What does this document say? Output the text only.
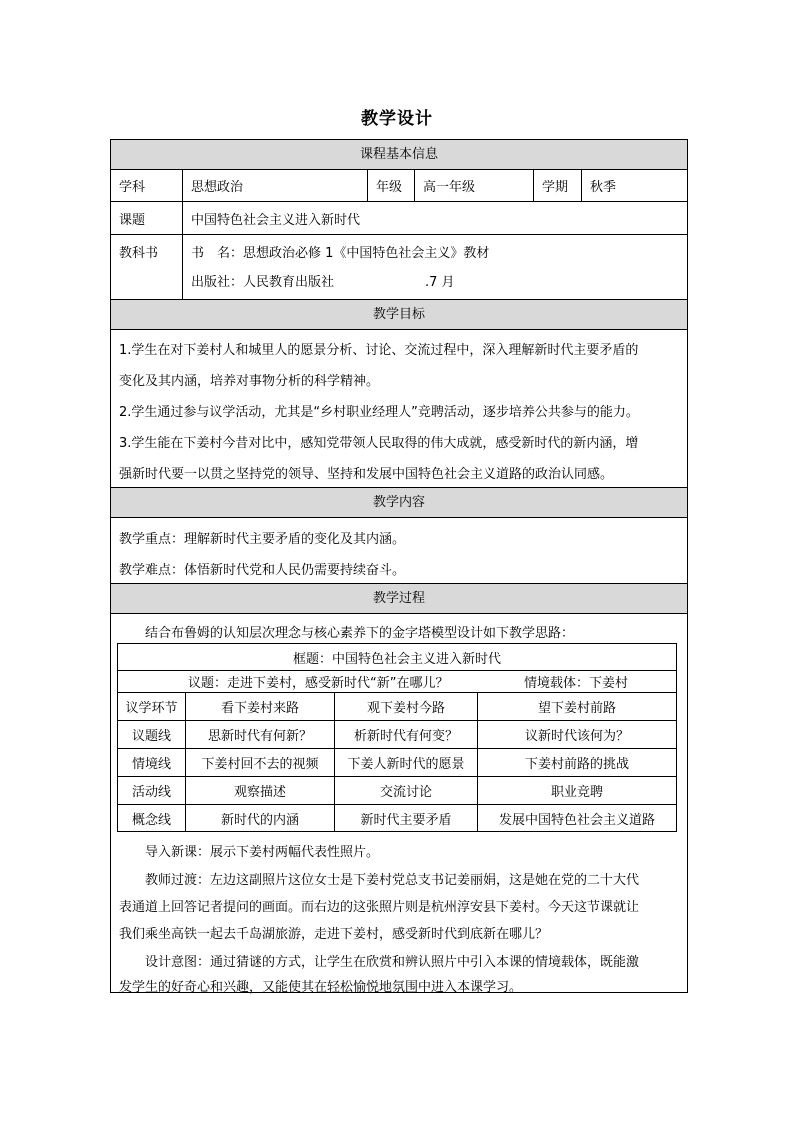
教学设计
课程基本信息
学科	思想政治	年级	高一年级	学期	秋季
课题	中国特色社会主义进入新时代
教科书	书　名：思想政治必修 1《中国特色社会主义》教材
出版社：人民教育出版社　　　　　　　.7 月
教学目标
1.学生在对下姜村人和城里人的愿景分析、讨论、交流过程中，深入理解新时代主要矛盾的
变化及其内涵，培养对事物分析的科学精神。
2.学生通过参与议学活动，尤其是“乡村职业经理人”竞聘活动，逐步培养公共参与的能力。
3.学生能在下姜村今昔对比中，感知党带领人民取得的伟大成就，感受新时代的新内涵，增
强新时代要一以贯之坚持党的领导、坚持和发展中国特色社会主义道路的政治认同感。
教学内容
教学重点：理解新时代主要矛盾的变化及其内涵。
教学难点：体悟新时代党和人民仍需要持续奋斗。
教学过程
结合布鲁姆的认知层次理念与核心素养下的金字塔模型设计如下教学思路：
框题：中国特色社会主义进入新时代
议题：走进下姜村，感受新时代“新”在哪儿？	情境载体：下姜村
议学环节	看下姜村来路	观下姜村今路	望下姜村前路
议题线	思新时代有何新？	析新时代有何变？	议新时代该何为？
情境线	下姜村回不去的视频	下姜人新时代的愿景	下姜村前路的挑战
活动线	观察描述	交流讨论	职业竞聘
概念线	新时代的内涵	新时代主要矛盾	发展中国特色社会主义道路
导入新课：展示下姜村两幅代表性照片。
教师过渡：左边这副照片这位女士是下姜村党总支书记姜丽娟，这是她在党的二十大代
表通道上回答记者提问的画面。而右边的这张照片则是杭州淳安县下姜村。今天这节课就让
我们乘坐高铁一起去千岛湖旅游，走进下姜村，感受新时代到底新在哪儿？
设计意图：通过猜谜的方式，让学生在欣赏和辨认照片中引入本课的情境载体，既能激
发学生的好奇心和兴趣，又能使其在轻松愉悦地氛围中进入本课学习。
